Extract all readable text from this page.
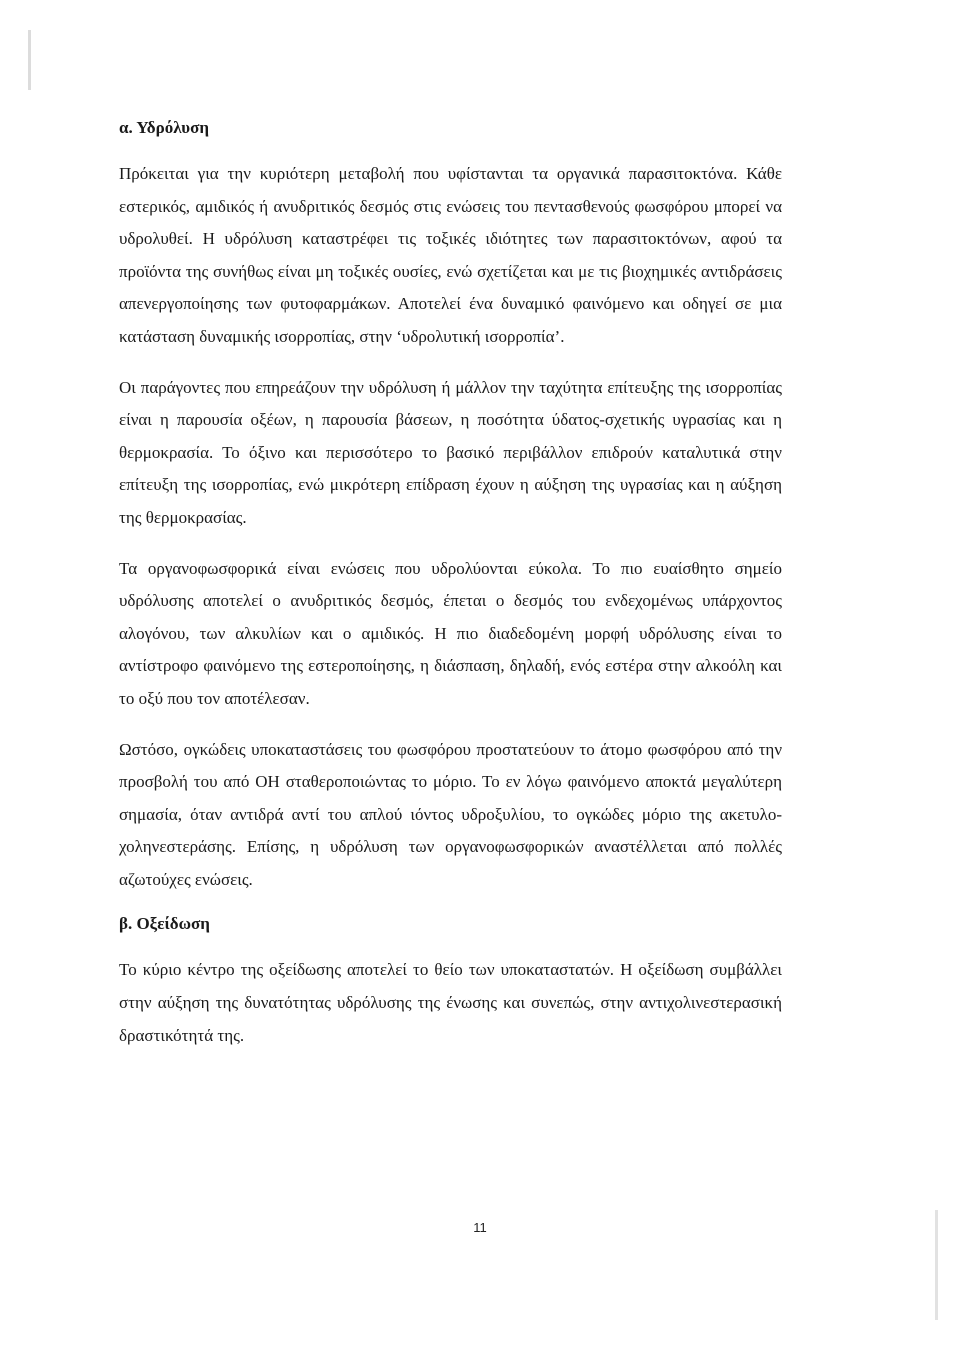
α. Υδρόλυση

Πρόκειται για την κυριότερη μεταβολή που υφίστανται τα οργανικά παρασιτοκτόνα. Κάθε εστερικός, αμιδικός ή ανυδριτικός δεσμός στις ενώσεις του πεντασθενούς φωσφόρου μπορεί να υδρολυθεί. Η υδρόλυση καταστρέφει τις τοξικές ιδιότητες των παρασιτοκτόνων, αφού τα προϊόντα της συνήθως είναι μη τοξικές ουσίες, ενώ σχετίζεται και με τις βιοχημικές αντιδράσεις απενεργοποίησης των φυτοφαρμάκων. Αποτελεί ένα δυναμικό φαινόμενο και οδηγεί σε μια κατάσταση δυναμικής ισορροπίας, στην ‘υδρολυτική ισορροπία’.

Οι παράγοντες που επηρεάζουν την υδρόλυση ή μάλλον την ταχύτητα επίτευξης της ισορροπίας είναι η παρουσία οξέων, η παρουσία βάσεων, η ποσότητα ύδατος-σχετικής υγρασίας και η θερμοκρασία. Το όξινο και περισσότερο το βασικό περιβάλλον επιδρούν καταλυτικά στην επίτευξη της ισορροπίας, ενώ μικρότερη επίδραση έχουν η αύξηση της υγρασίας και η αύξηση της θερμοκρασίας.

Τα οργανοφωσφορικά είναι ενώσεις που υδρολύονται εύκολα. Το πιο ευαίσθητο σημείο υδρόλυσης αποτελεί ο ανυδριτικός δεσμός, έπεται ο δεσμός του ενδεχομένως υπάρχοντος αλογόνου, των αλκυλίων και ο αμιδικός. Η πιο διαδεδομένη μορφή υδρόλυσης είναι το αντίστροφο φαινόμενο της εστεροποίησης, η διάσπαση, δηλαδή, ενός εστέρα στην αλκοόλη και το οξύ που τον αποτέλεσαν.

Ωστόσο, ογκώδεις υποκαταστάσεις του φωσφόρου προστατεύουν το άτομο φωσφόρου από την προσβολή του από OH σταθεροποιώντας το μόριο. Το εν λόγω φαινόμενο αποκτά μεγαλύτερη σημασία, όταν αντιδρά αντί του απλού ιόντος υδροξυλίου, το ογκώδες μόριο της ακετυλο-χοληνεστεράσης. Επίσης, η υδρόλυση των οργανοφωσφορικών αναστέλλεται από πολλές αζωτούχες ενώσεις.

β. Οξείδωση

Το κύριο κέντρο της οξείδωσης αποτελεί το θείο των υποκαταστατών. Η οξείδωση συμβάλλει στην αύξηση της δυνατότητας υδρόλυσης της ένωσης και συνεπώς, στην αντιχολινεστερασική δραστικότητά της.

11
